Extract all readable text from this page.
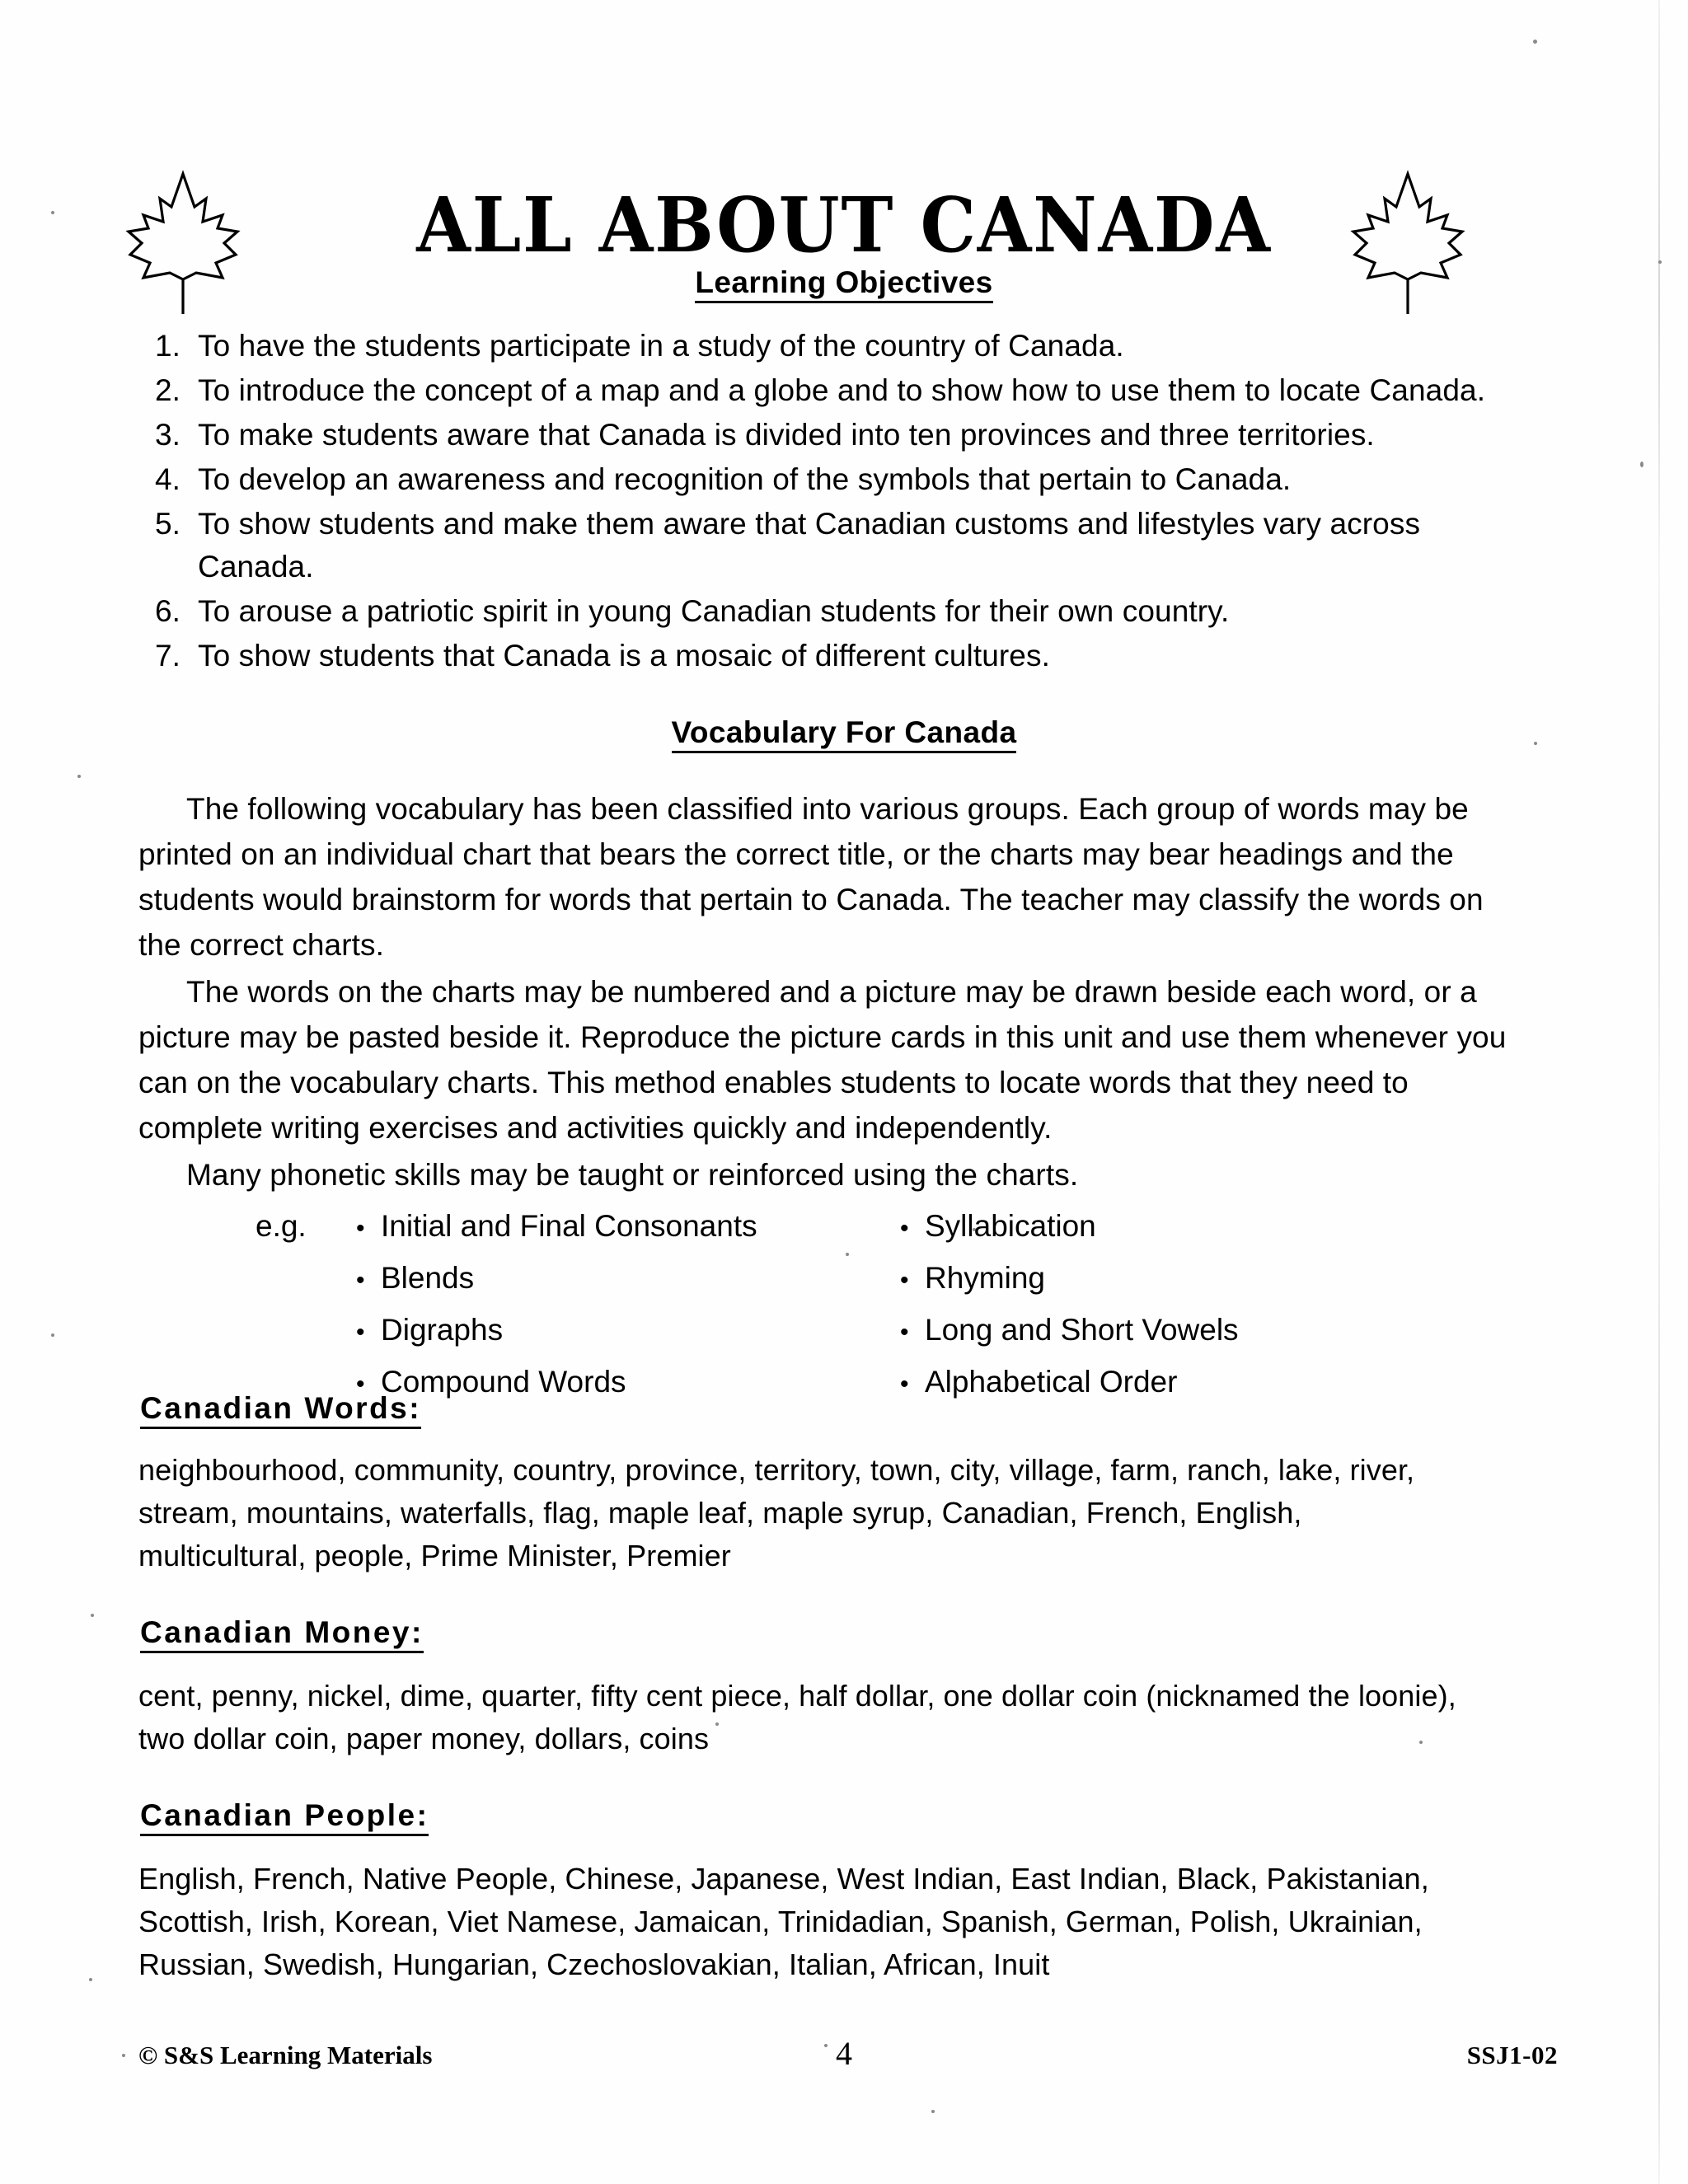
ALL ABOUT CANADA
Learning Objectives
1. To have the students participate in a study of the country of Canada.
2. To introduce the concept of a map and a globe and to show how to use them to locate Canada.
3. To make students aware that Canada is divided into ten provinces and three territories.
4. To develop an awareness and recognition of the symbols that pertain to Canada.
5. To show students and make them aware that Canadian customs and lifestyles vary across Canada.
6. To arouse a patriotic spirit in young Canadian students for their own country.
7. To show students that Canada is a mosaic of different cultures.
Vocabulary For Canada
The following vocabulary has been classified into various groups. Each group of words may be printed on an individual chart that bears the correct title, or the charts may bear headings and the students would brainstorm for words that pertain to Canada. The teacher may classify the words on the correct charts.
The words on the charts may be numbered and a picture may be drawn beside each word, or a picture may be pasted beside it. Reproduce the picture cards in this unit and use them whenever you can on the vocabulary charts. This method enables students to locate words that they need to complete writing exercises and activities quickly and independently.
Many phonetic skills may be taught or reinforced using the charts.
e.g.	• Initial and Final Consonants
• Blends
• Digraphs
• Compound Words
• Syllabication
• Rhyming
• Long and Short Vowels
• Alphabetical Order
Canadian Words:
neighbourhood, community, country, province, territory, town, city, village, farm, ranch, lake, river, stream, mountains, waterfalls, flag, maple leaf, maple syrup, Canadian, French, English, multicultural, people, Prime Minister, Premier
Canadian Money:
cent, penny, nickel, dime, quarter, fifty cent piece, half dollar, one dollar coin (nicknamed the loonie), two dollar coin, paper money, dollars, coins
Canadian People:
English, French, Native People, Chinese, Japanese, West Indian, East Indian, Black, Pakistanian, Scottish, Irish, Korean, Viet Namese, Jamaican, Trinidadian, Spanish, German, Polish, Ukrainian, Russian, Swedish, Hungarian, Czechoslovakian, Italian, African, Inuit
© S&S Learning Materials	4	SSJ1-02
